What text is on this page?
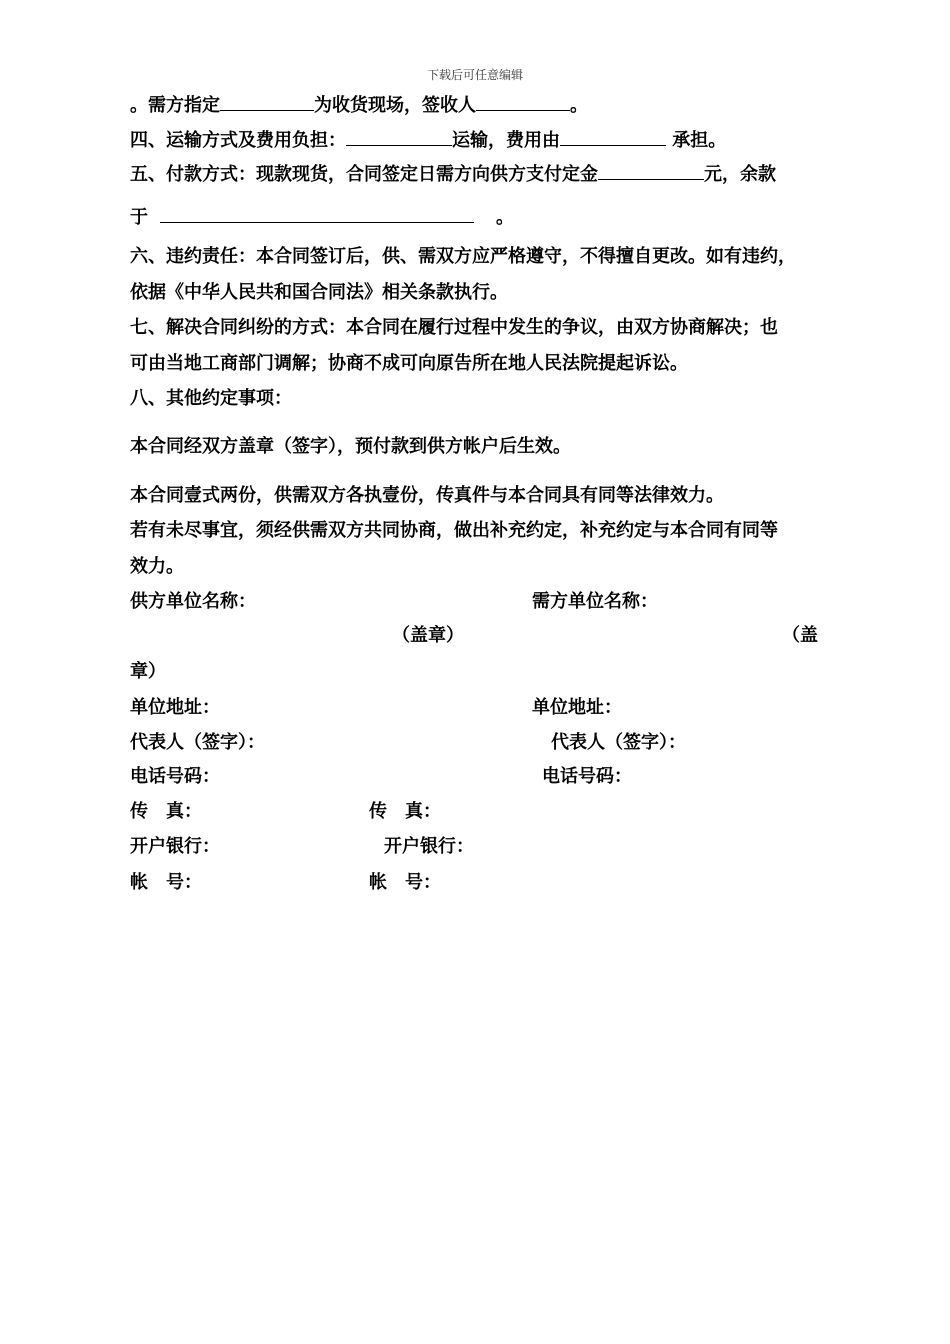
下载后可任意编辑
。需方指定	为收货现场，签收人	。
四、运输方式及费用负担：	运输，费用由	承担。
五、付款方式：现款现货，合同签定日需方向供方支付定金	元，余款
于	。
六、违约责任：本合同签订后，供、需双方应严格遵守，不得擅自更改。如有违约，
依据《中华人民共和国合同法》相关条款执行。
七、解决合同纠纷的方式：本合同在履行过程中发生的争议，由双方协商解决；也
可由当地工商部门调解；协商不成可向原告所在地人民法院提起诉讼。
八、其他约定事项：
本合同经双方盖章（签字），预付款到供方帐户后生效。
本合同壹式两份，供需双方各执壹份，传真件与本合同具有同等法律效力。
若有未尽事宜，须经供需双方共同协商，做出补充约定，补充约定与本合同有同等
效力。
供方单位名称：	需方单位名称：
（盖章）	（盖
章）
单位地址：	单位地址：
代表人（签字）：	代表人（签字）：
电话号码：	电话号码：
传　真：	传　真：
开户银行：	开户银行：
帐　号：	帐　号：
